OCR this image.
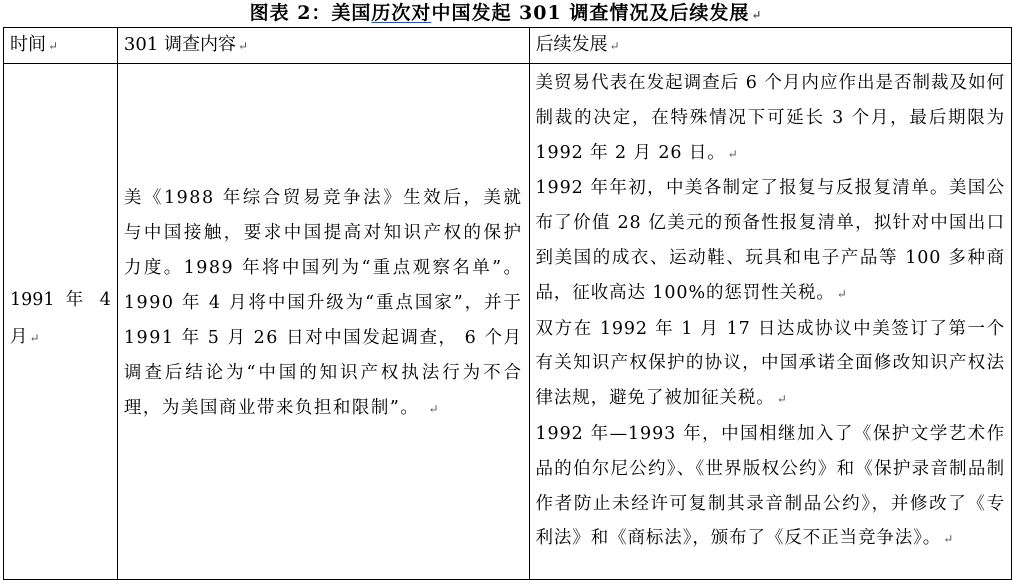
图表 2：美国历次对中国发起 301 调查情况及后续发展 ↵
时间 ↵	301 调查内容 ↵	后续发展 ↵

1991 年 4 月 ↵	美《1988 年综合贸易竞争法》生效后，美就与中国接触，要求中国提高对知识产权的保护力度。1989 年将中国列为“重点观察名单”。1990 年 4 月将中国升级为“重点国家”，并于 1991 年 5 月 26 日对中国发起调查， 6 个月调查后结论为“中国的知识产权执法行为不合理，为美国商业带来负担和限制”。 ↵	美贸易代表在发起调查后 6 个月内应作出是否制裁及如何制裁的决定，在特殊情况下可延长 3 个月，最后期限为 1992 年 2 月 26 日。 ↵
1992 年年初，中美各制定了报复与反报复清单。美国公布了价值 28 亿美元的预备性报复清单，拟针对中国出口到美国的成衣、运动鞋、玩具和电子产品等 100 多种商品，征收高达 100%的惩罚性关税。 ↵
双方在 1992 年 1 月 17 日达成协议中美签订了第一个有关知识产权保护的协议，中国承诺全面修改知识产权法律法规，避免了被加征关税。 ↵
1992 年—1993 年，中国相继加入了《保护文学艺术作品的伯尔尼公约》、《世界版权公约》和《保护录音制品制作者防止未经许可复制其录音制品公约》，并修改了《专利法》和《商标法》，颁布了《反不正当竞争法》。 ↵
